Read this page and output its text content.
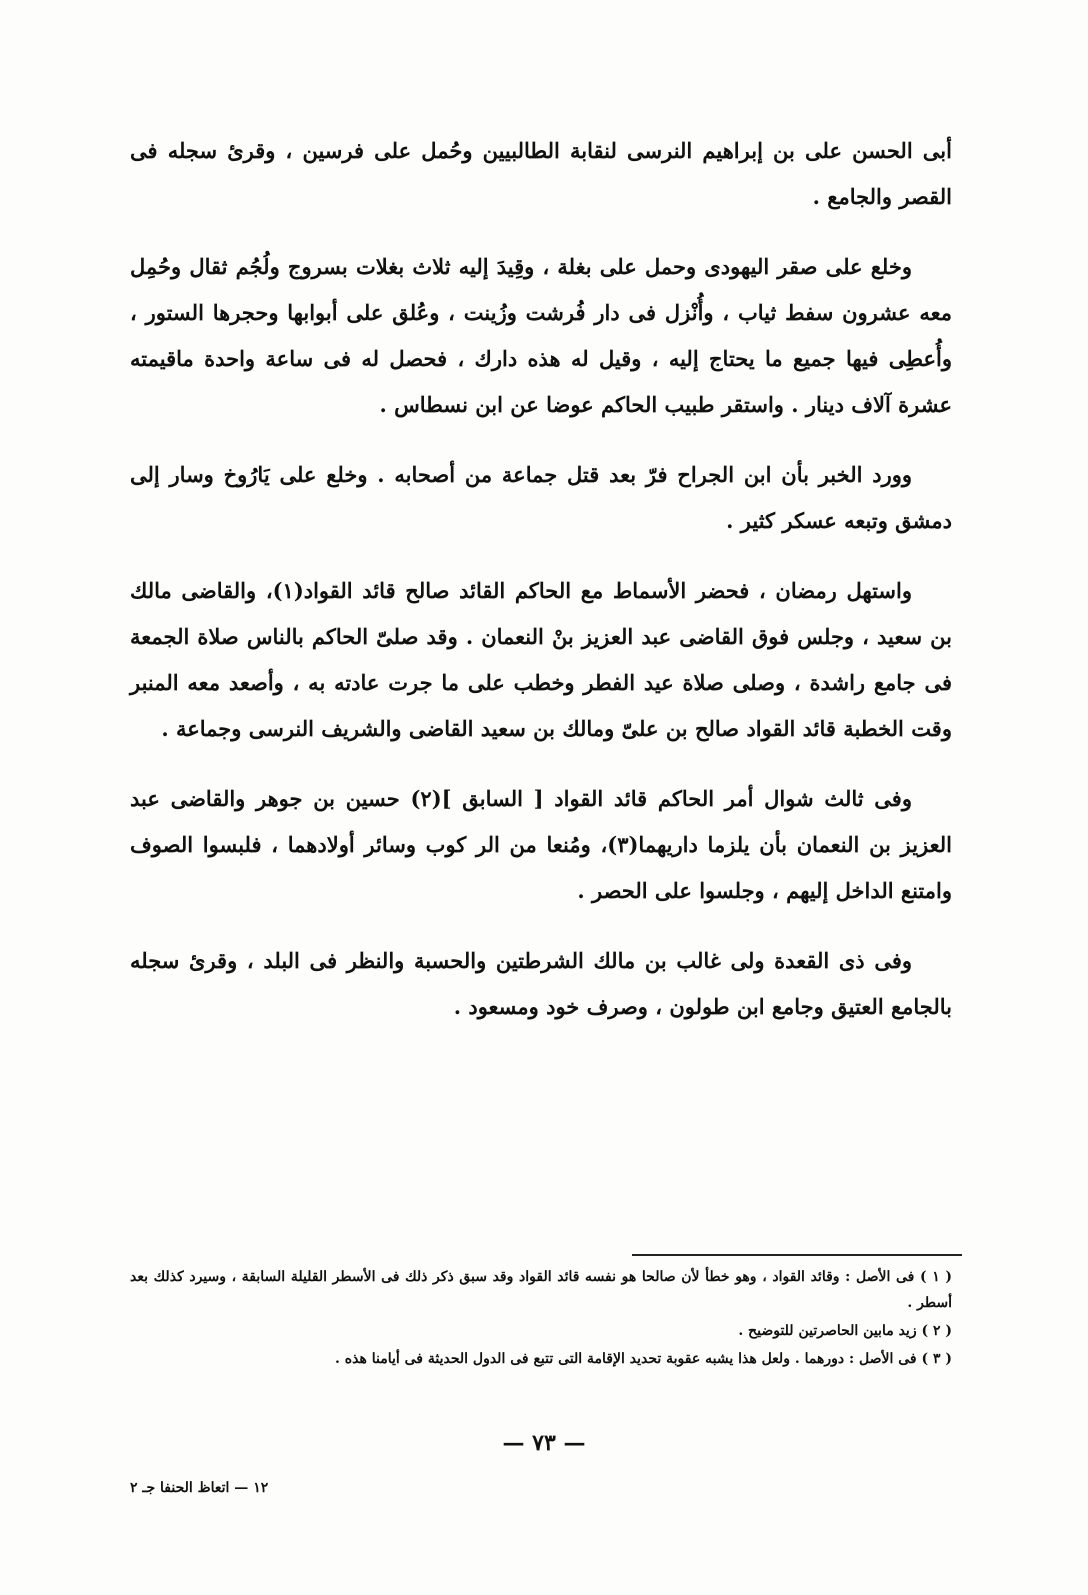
أبى الحسن على بن إبراهيم النرسى لنقابة الطالبيين وحُمل على فرسين ، وقرئ سجله فى القصر والجامع .

وخلع على صقر اليهودى وحمل على بغلة ، وقِيدَ إليه ثلاث بغلات بسروج ولُجُم ثقال وحُمِل معه عشرون سفط ثياب ، وأُنْزل فى دار فُرشت وزُينت ، وعُلق على أبوابها وحجرها الستور ، وأُعطِى فيها جميع ما يحتاج إليه ، وقيل له هذه دارك ، فحصل له فى ساعة واحدة ماقيمته عشرة آلاف دينار . واستقر طبيب الحاكم عوضا عن ابن نسطاس .

وورد الخبر بأن ابن الجراح فرّ بعد قتل جماعة من أصحابه . وخلع على يَارُوخ وسار إلى دمشق وتبعه عسكر كثير .

واستهل رمضان ، فحضر الأسماط مع الحاكم القائد صالح قائد القواد(١)، والقاضى مالك بن سعيد ، وجلس فوق القاضى عبد العزيز بنْ النعمان . وقد صلىّ الحاكم بالناس صلاة الجمعة فى جامع راشدة ، وصلى صلاة عيد الفطر وخطب على ما جرت عادته به ، وأصعد معه المنبر وقت الخطبة قائد القواد صالح بن علىّ ومالك بن سعيد القاضى والشريف النرسى وجماعة .

وفى ثالث شوال أمر الحاكم قائد القواد [ السابق ](٢) حسين بن جوهر والقاضى عبد العزيز بن النعمان بأن يلزما داريهما(٣)، ومُنعا من الر كوب وسائر أولادهما ، فلبسوا الصوف وامتنع الداخل إليهم ، وجلسوا على الحصر .

وفى ذى القعدة ولى غالب بن مالك الشرطتين والحسبة والنظر فى البلد ، وقرئ سجله بالجامع العتيق وجامع ابن طولون ، وصرف خود ومسعود .

( ١ ) فى الأصل : وقائد القواد ، وهو خطأ لأن صالحا هو نفسه قائد القواد وقد سبق ذكر ذلك فى الأسطر القليلة السابقة ، وسيرد كذلك بعد أسطر .

( ٢ ) زيد مابين الحاصرتين للتوضيح .

( ٣ ) فى الأصل : دورهما . ولعل هذا يشبه عقوبة تحديد الإقامة التى تتبع فى الدول الحديثة فى أيامنا هذه .

— ٧٣ —
١٢ — اتعاظ الحنفا جـ ٢
